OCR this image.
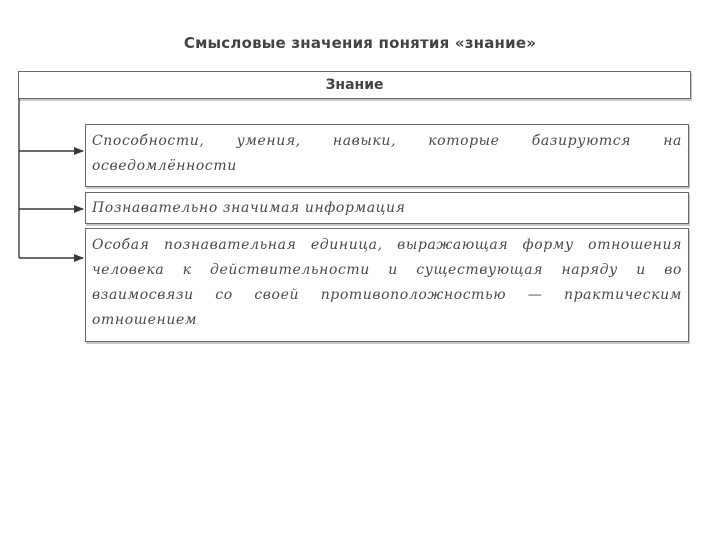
Смысловые значения понятия «знание»
Знание
Способности, умения, навыки, которые базируются на осведомлённости
Познавательно значимая информация
Особая познавательная единица, выражающая форму отношения человека к действительности и существующая наряду и во взаимосвязи со своей противоположностью — практическим отношением
